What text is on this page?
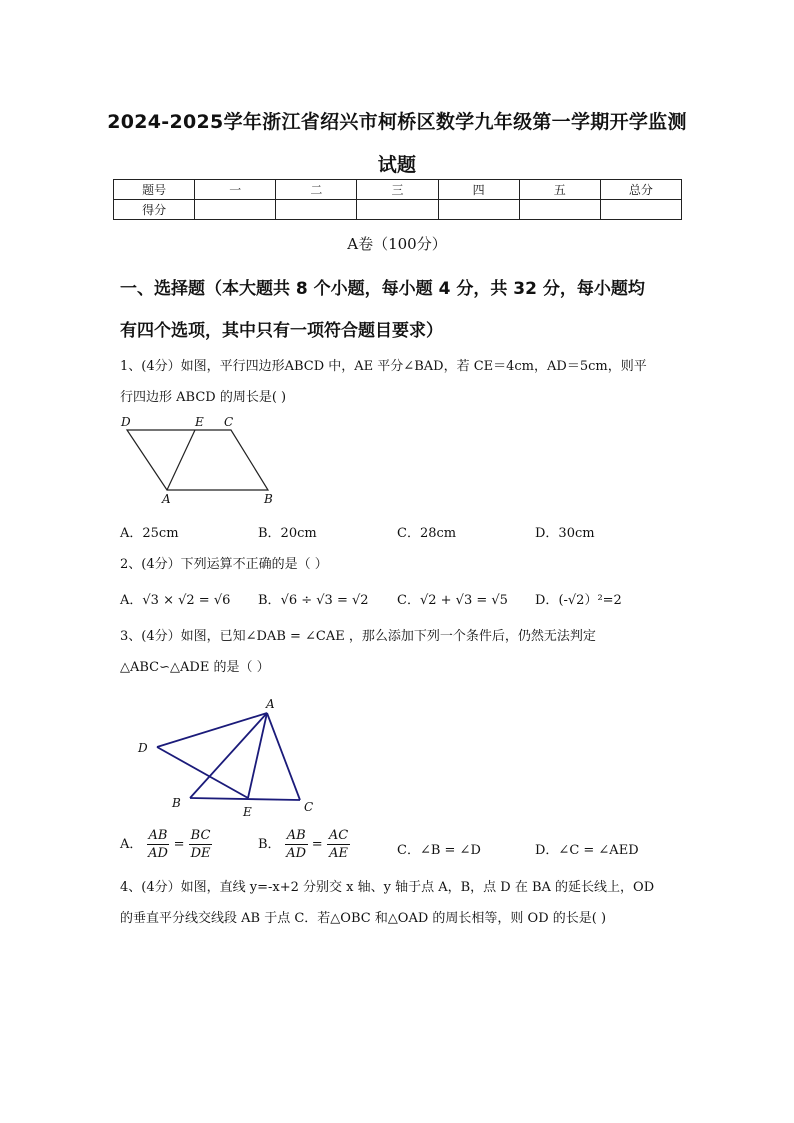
2024-2025学年浙江省绍兴市柯桥区数学九年级第一学期开学监测
试题
题号	一	二	三	四	五	总分
得分						
A卷（100分）
一、选择题（本大题共 8 个小题，每小题 4 分，共 32 分，每小题均
有四个选项，其中只有一项符合题目要求）
1、(4分）如图，平行四边形ABCD 中，AE 平分∠BAD，若 CE＝4cm，AD＝5cm，则平
行四边形 ABCD 的周长是( )
D	E C
A	B
A．25cm	B．20cm	C．28cm	D．30cm
2、(4分）下列运算不正确的是（ ）
A．√3 × √2 = √6 B．√6 ÷ √3 = √2 C．√2 + √3 = √5 D．(-√2）²=2
3、(4分）如图，已知∠DAB = ∠CAE ，那么添加下列一个条件后，仍然无法判定
△ABC∽△ADE 的是（ ）
A
D
B
E	C
A． $\frac{AB}{AD} = \frac{BC}{DE}$	B． $\frac{AB}{AD} = \frac{AC}{AE}$	C．∠B = ∠D	D．∠C = ∠AED
4、(4分）如图，直线 y=-x+2 分别交 x 轴、y 轴于点 A，B，点 D 在 BA 的延长线上，OD
的垂直平分线交线段 AB 于点 C．若△OBC 和△OAD 的周长相等，则 OD 的长是( )
